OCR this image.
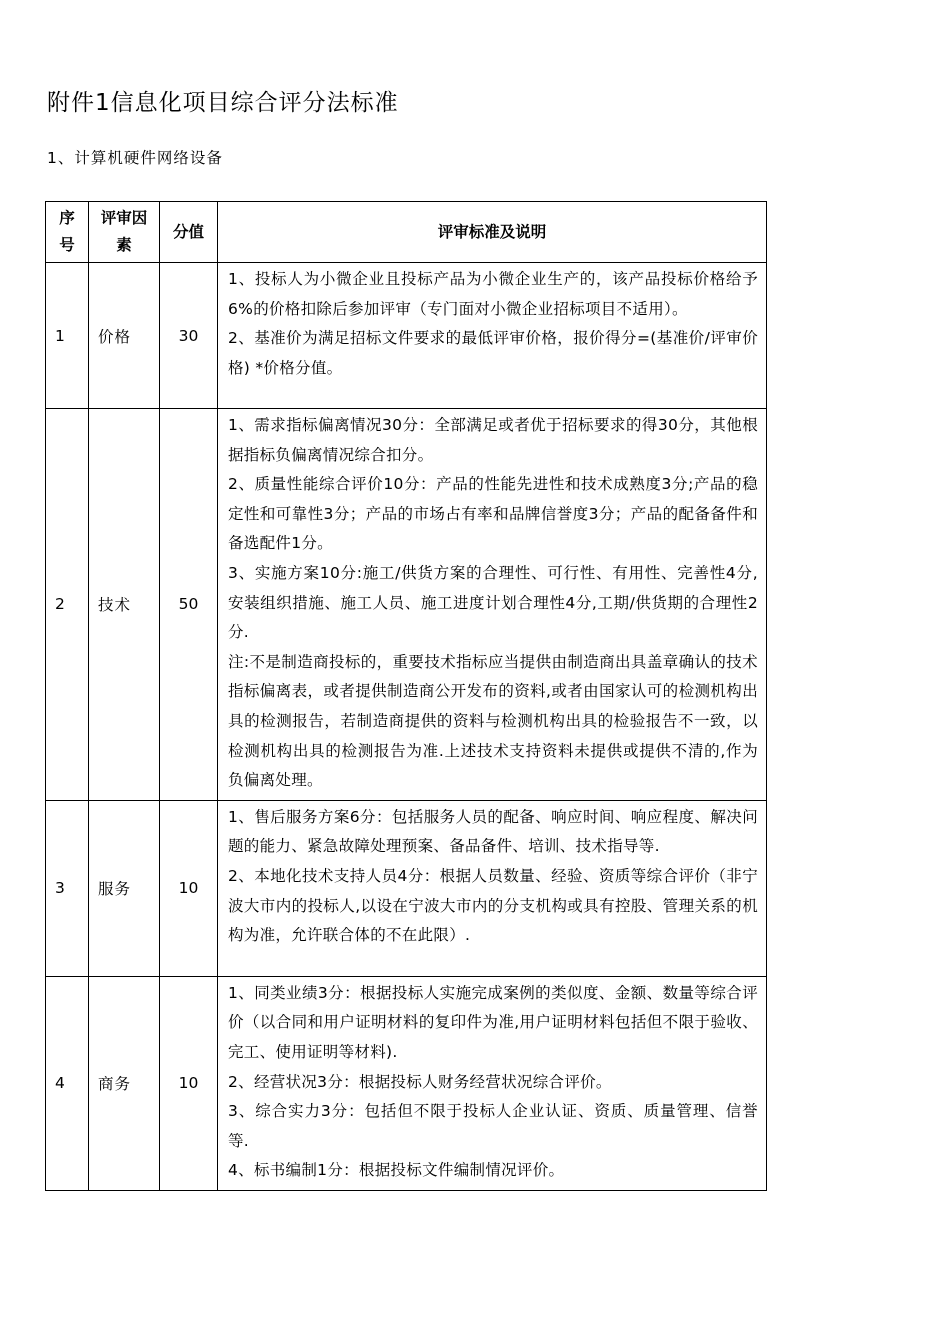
附件1信息化项目综合评分法标准
1、计算机硬件网络设备
序号	评审因素	分值	评审标准及说明
1	价格	30	1、投标人为小微企业且投标产品为小微企业生产的，该产品投标价格给予6%的价格扣除后参加评审（专门面对小微企业招标项目不适用）。

2、基准价为满足招标文件要求的最低评审价格，报价得分=(基准价/评审价格) *价格分值。

2	技术	50	1、需求指标偏离情况30分：全部满足或者优于招标要求的得30分，其他根据指标负偏离情况综合扣分。

2、质量性能综合评价10分：产品的性能先进性和技术成熟度3分;产品的稳定性和可靠性3分；产品的市场占有率和品牌信誉度3分；产品的配备备件和备选配件1分。

3、实施方案10分:施工/供货方案的合理性、可行性、有用性、完善性4分,安装组织措施、施工人员、施工进度计划合理性4分,工期/供货期的合理性2分.

注:不是制造商投标的，重要技术指标应当提供由制造商出具盖章确认的技术指标偏离表，或者提供制造商公开发布的资料,或者由国家认可的检测机构出具的检测报告，若制造商提供的资料与检测机构出具的检验报告不一致，以检测机构出具的检测报告为准.上述技术支持资料未提供或提供不清的,作为负偏离处理。

3	服务	10	1、售后服务方案6分：包括服务人员的配备、响应时间、响应程度、解决问题的能力、紧急故障处理预案、备品备件、培训、技术指导等.

2、本地化技术支持人员4分：根据人员数量、经验、资质等综合评价（非宁波大市内的投标人,以设在宁波大市内的分支机构或具有控股、管理关系的机构为准，允许联合体的不在此限）.

4	商务	10	1、同类业绩3分：根据投标人实施完成案例的类似度、金额、数量等综合评价（以合同和用户证明材料的复印件为准,用户证明材料包括但不限于验收、完工、使用证明等材料).

2、经营状况3分：根据投标人财务经营状况综合评价。

3、综合实力3分：包括但不限于投标人企业认证、资质、质量管理、信誉等.

4、标书编制1分：根据投标文件编制情况评价。
